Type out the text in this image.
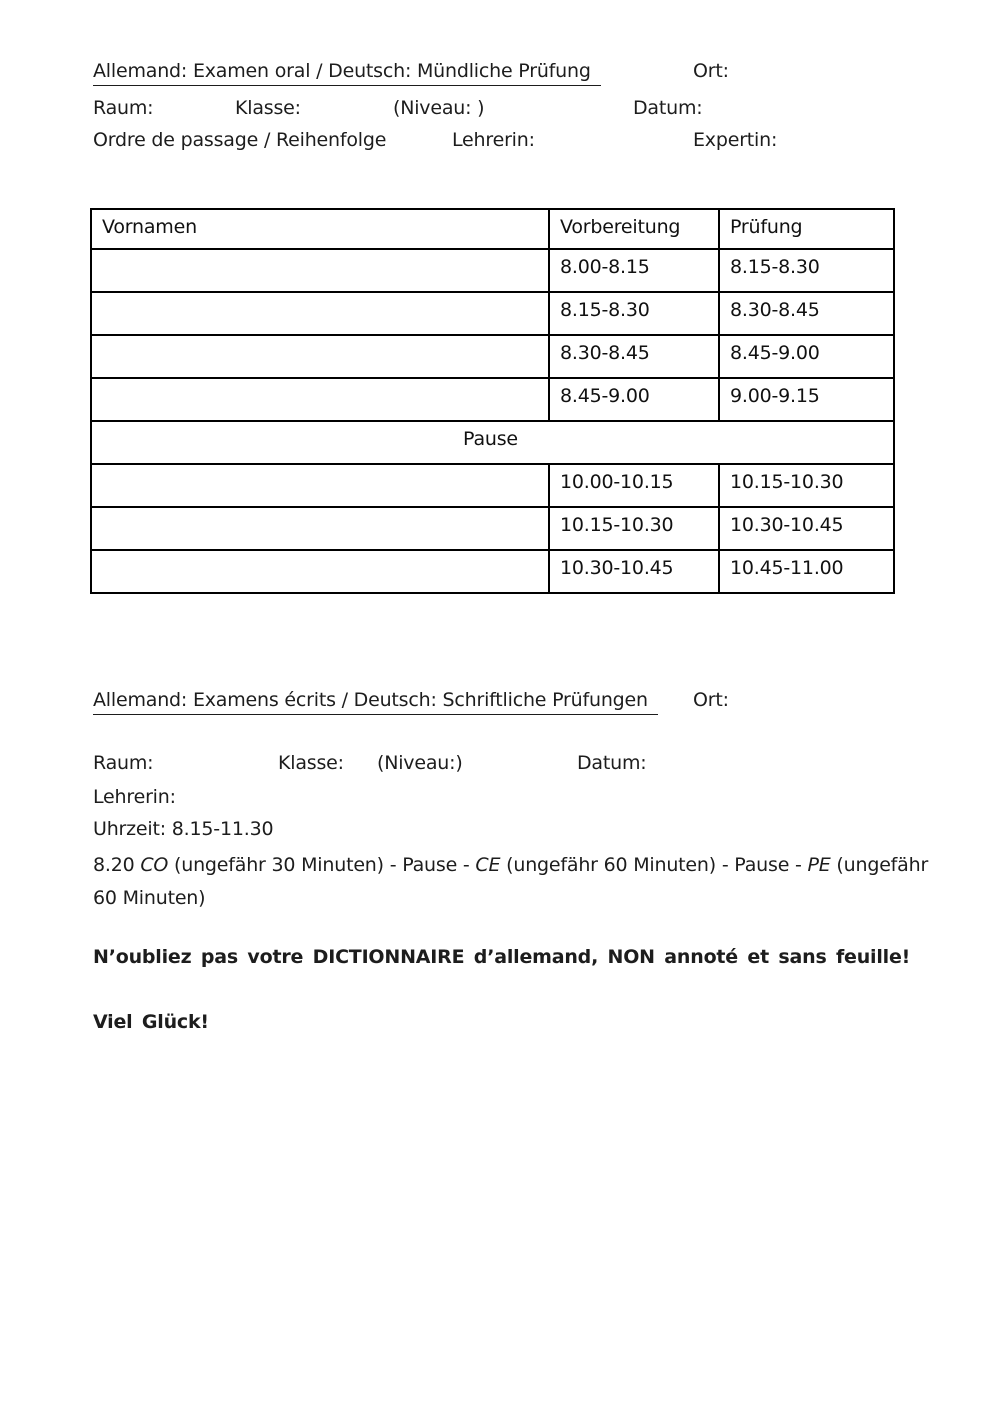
Allemand: Examen oral / Deutsch: Mündliche Prüfung	Ort:
Raum:	Klasse:	(Niveau: )	Datum:
Ordre de passage / Reihenfolge	Lehrerin:	Expertin:
Vornamen	Vorbereitung	Prüfung
	8.00-8.15	8.15-8.30
	8.15-8.30	8.30-8.45
	8.30-8.45	8.45-9.00
	8.45-9.00	9.00-9.15
Pause		
	10.00-10.15	10.15-10.30
	10.15-10.30	10.30-10.45
	10.30-10.45	10.45-11.00
Allemand: Examens écrits / Deutsch: Schriftliche Prüfungen	Ort:
Raum:	Klasse: (Niveau:)	Datum:
Lehrerin:
Uhrzeit: 8.15-11.30
8.20 CO (ungefähr 30 Minuten) - Pause - CE (ungefähr 60 Minuten) - Pause - PE (ungefähr 60 Minuten)
N’oubliez pas votre DICTIONNAIRE d’allemand, NON annoté et sans feuille!
Viel Glück!
